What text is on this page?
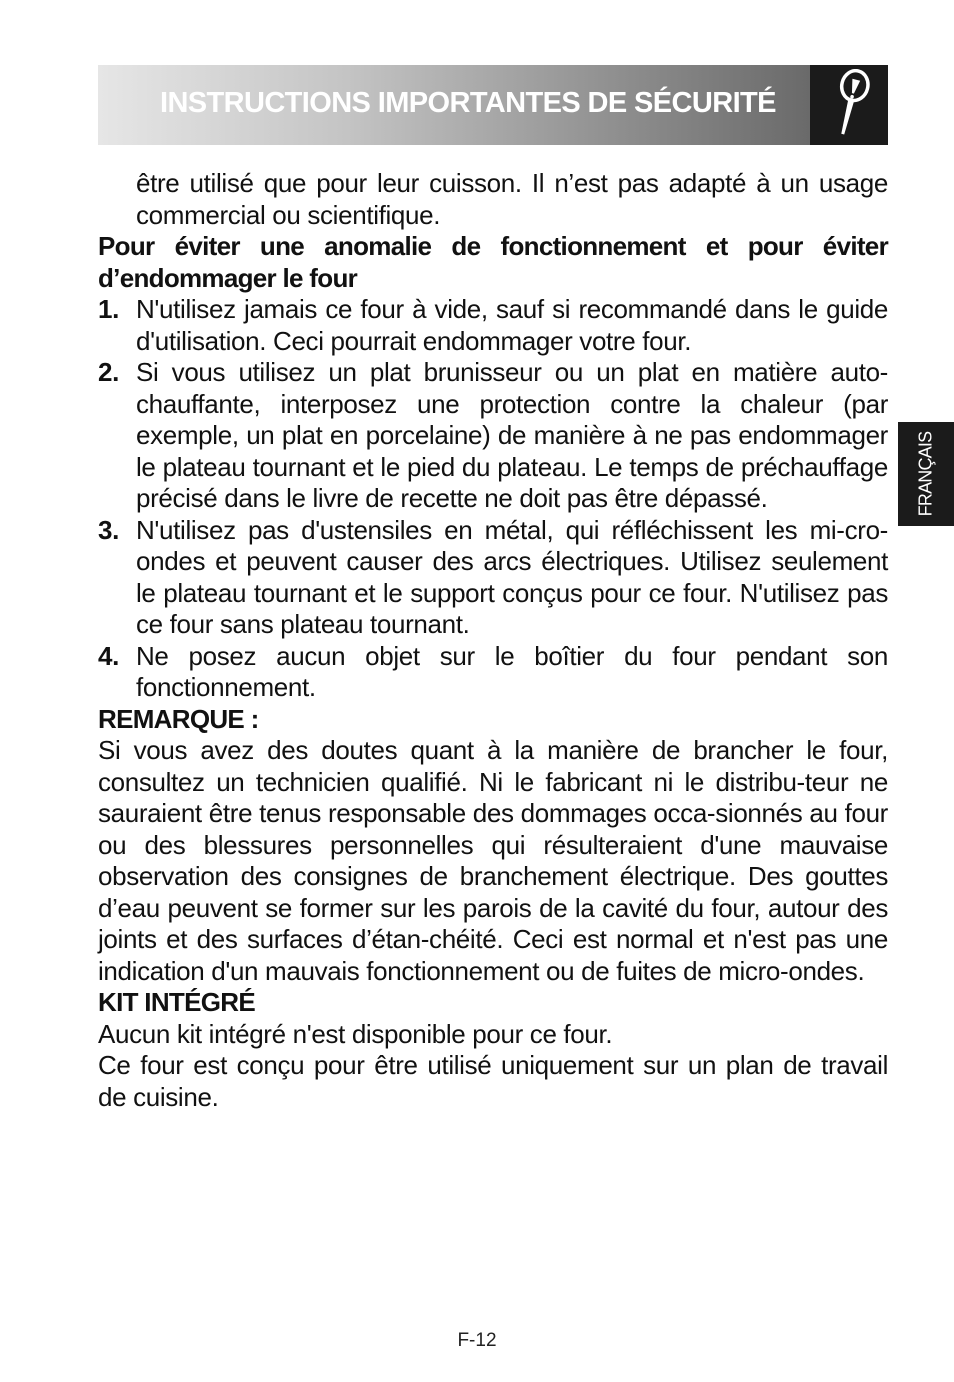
INSTRUCTIONS IMPORTANTES DE SÉCURITÉ
FRANÇAIS

être utilisé que pour leur cuisson. Il n’est pas adapté à un usage commercial ou scientifique.

Pour éviter une anomalie de fonctionnement et pour éviter d’endommager le four

1. N'utilisez jamais ce four à vide, sauf si recommandé dans le guide d'utilisation. Ceci pourrait endommager votre four.
2. Si vous utilisez un plat brunisseur ou un plat en matière auto-chauffante, interposez une protection contre la chaleur (par exemple, un plat en porcelaine) de manière à ne pas endommager le plateau tournant et le pied du plateau. Le temps de préchauffage précisé dans le livre de recette ne doit pas être dépassé.
3. N'utilisez pas d'ustensiles en métal, qui réfléchissent les mi-cro-ondes et peuvent causer des arcs électriques. Utilisez seulement le plateau tournant et le support conçus pour ce four. N'utilisez pas ce four sans plateau tournant.
4. Ne posez aucun objet sur le boîtier du four pendant son fonctionnement.

REMARQUE :

Si vous avez des doutes quant à la manière de brancher le four, consultez un technicien qualifié. Ni le fabricant ni le distribu-teur ne sauraient être tenus responsable des dommages occa-sionnés au four ou des blessures personnelles qui résulteraient d'une mauvaise observation des consignes de branchement électrique. Des gouttes d’eau peuvent se former sur les parois de la cavité du four, autour des joints et des surfaces d’étan-chéité. Ceci est normal et n'est pas une indication d'un mauvais fonctionnement ou de fuites de micro-ondes.

KIT INTÉGRÉ

Aucun kit intégré n'est disponible pour ce four.

Ce four est conçu pour être utilisé uniquement sur un plan de travail de cuisine.

F-12
